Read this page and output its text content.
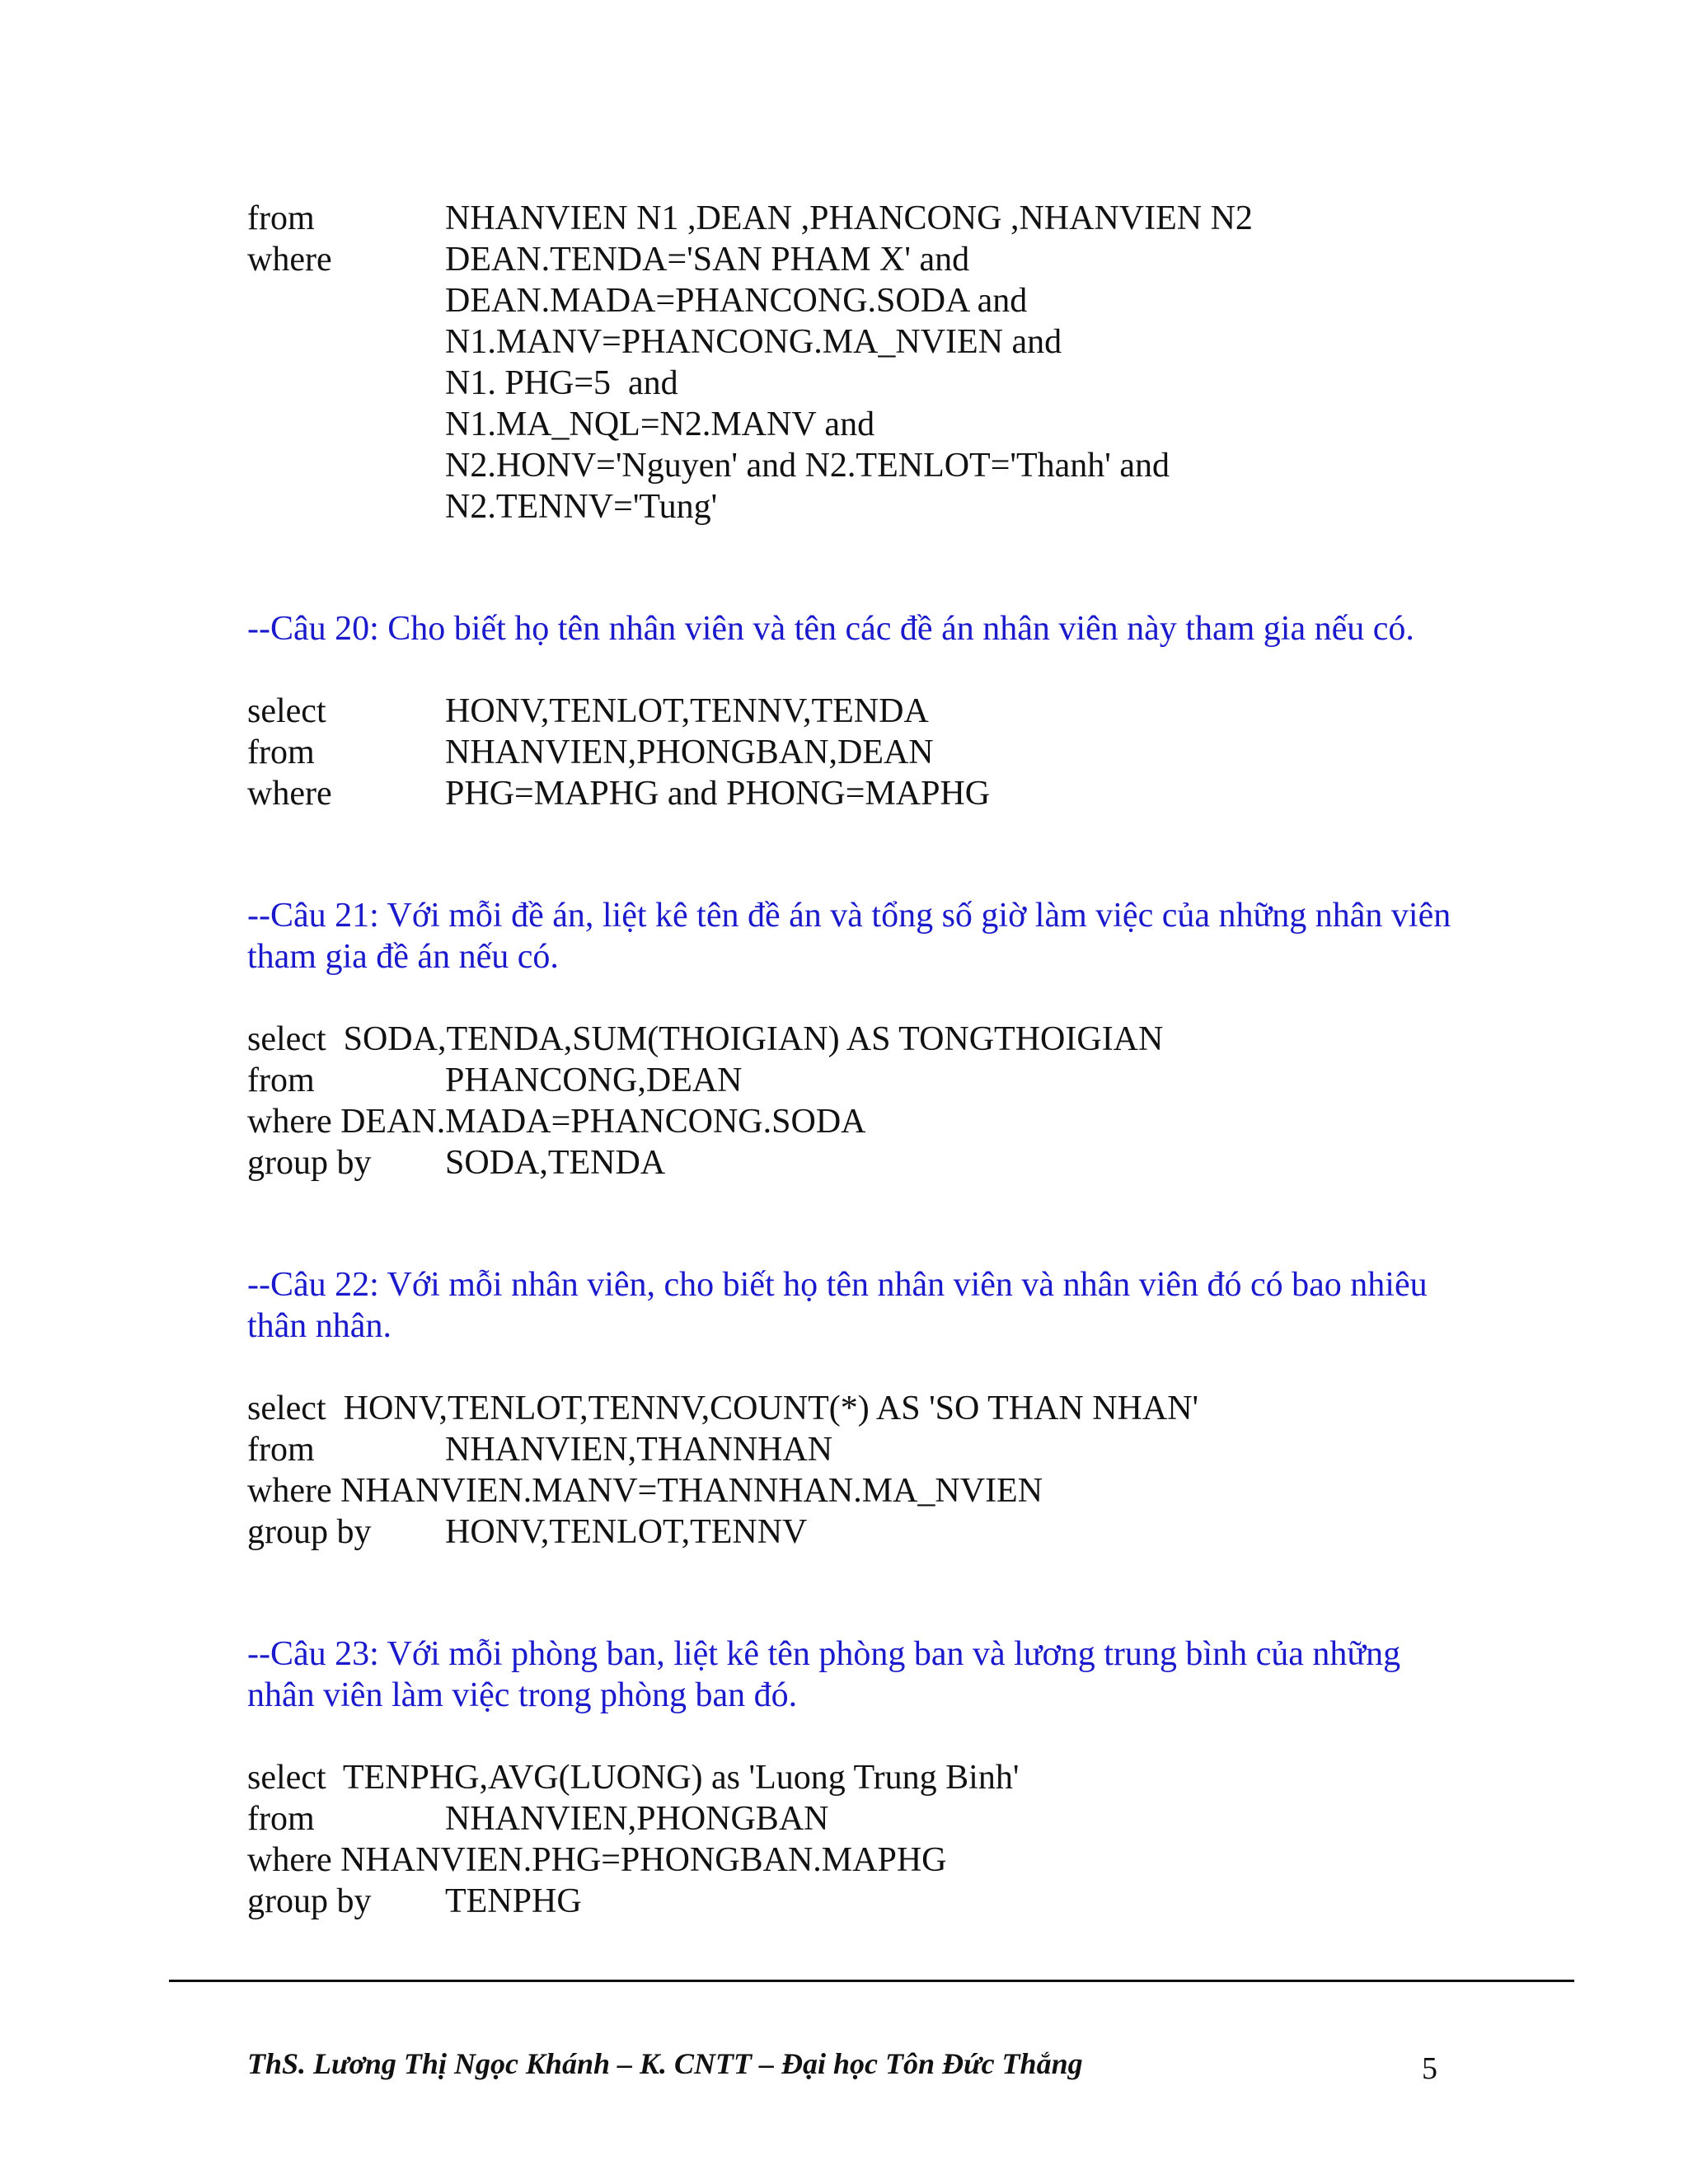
from	NHANVIEN N1 ,DEAN ,PHANCONG ,NHANVIEN N2
where	DEAN.TENDA='SAN PHAM X' and
DEAN.MADA=PHANCONG.SODA and
N1.MANV=PHANCONG.MA_NVIEN and
N1. PHG=5  and
N1.MA_NQL=N2.MANV and
N2.HONV='Nguyen' and N2.TENLOT='Thanh' and
N2.TENNV='Tung'
--Câu 20: Cho biết họ tên nhân viên và tên các đề án nhân viên này tham gia nếu có.
select	HONV,TENLOT,TENNV,TENDA
from	NHANVIEN,PHONGBAN,DEAN
where	PHG=MAPHG and PHONG=MAPHG
--Câu 21: Với mỗi đề án, liệt kê tên đề án và tổng số giờ làm việc của những nhân viên tham gia đề án nếu có.
select  SODA,TENDA,SUM(THOIGIAN) AS TONGTHOIGIAN
from	PHANCONG,DEAN
where DEAN.MADA=PHANCONG.SODA
group by	SODA,TENDA
--Câu 22: Với mỗi nhân viên, cho biết họ tên nhân viên và nhân viên đó có bao nhiêu thân nhân.
select  HONV,TENLOT,TENNV,COUNT(*) AS 'SO THAN NHAN'
from	NHANVIEN,THANNHAN
where NHANVIEN.MANV=THANNHAN.MA_NVIEN
group by	HONV,TENLOT,TENNV
--Câu 23: Với mỗi phòng ban, liệt kê tên phòng ban và lương trung bình của những nhân viên làm việc trong phòng ban đó.
select  TENPHG,AVG(LUONG) as 'Luong Trung Binh'
from	NHANVIEN,PHONGBAN
where NHANVIEN.PHG=PHONGBAN.MAPHG
group by	TENPHG
ThS. Lương Thị Ngọc Khánh – K. CNTT – Đại học Tôn Đức Thắng	5
